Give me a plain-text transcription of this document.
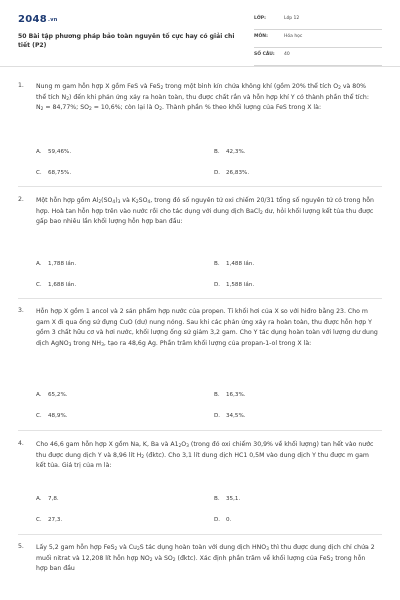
2048.vn
50 Bài tập phương pháp bảo toàn nguyên tố cực hay có giải chi tiết (P2)
LỚP:	Lớp 12
MÔN:	Hóa học
SỐ CÂU: 40
1. Nung m gam hỗn hợp X gồm FeS và FeS$_2$ trong một bình kín chứa không khí (gồm 20% thể tích $O_2$ và 80% thể tích $N_2$) đến khi phản ứng xảy ra hoàn toàn, thu được chất rắn và hỗn hợp khí Y có thành phần thể tích: $N_2 = 84,77\%$; $SO_2 = 10,6\%$; còn lại là $O_2$. Thành phần % theo khối lượng của FeS trong X là:

A. 59,46%.	B. 42,3%.
C. 68,75%.	D. 26,83%.
2. Một hỗn hợp gồm $Al_2(SO_4)_3$ và $K_2SO_4$, trong đó số nguyên tử oxi chiếm 20/31 tổng số nguyên tử có trong hỗn hợp. Hoà tan hỗn hợp trên vào nước rồi cho tác dụng với dung dịch BaCl$_2$ dư, hỏi khối lượng kết tủa thu được gấp bao nhiêu lần khối lượng hỗn hợp ban đầu:

A. 1,788 lần.	B. 1,488 lần.
C. 1,688 lần.	D. 1,588 lần.
3. Hỗn hợp X gồm 1 ancol và 2 sản phẩm hợp nước của propen. Tỉ khối hơi của X so với hiđro bằng 23. Cho m gam X đi qua ống sứ đựng CuO (dư) nung nóng. Sau khi các phản ứng xảy ra hoàn toàn, thu được hỗn hợp Y gồm 3 chất hữu cơ và hơi nước, khối lượng ống sứ giảm 3,2 gam. Cho Y tác dụng hoàn toàn với lượng dư dung dịch AgNO$_3$ trong $NH_3$, tạo ra 48,6g Ag. Phần trăm khối lượng của propan-1-ol trong X là:

A. 65,2%.	B. 16,3%.
C. 48,9%.	D. 34,5%.
4. Cho 46,6 gam hỗn hợp X gồm Na, K, Ba và $A1_2O_3$ (trong đó oxi chiếm 30,9% về khối lượng) tan hết vào nước thu được dung dịch Y và 8,96 lít $H_2$ (đktc). Cho 3,1 lít dung dịch HC1 0,5M vào dung dịch Y thu được m gam kết tủa. Giá trị của m là:

A. 7,8.	B. 35,1.
C. 27,3.	D. 0.
5. Lấy 5,2 gam hỗn hợp FeS$_2$ và $Cu_2S$ tác dụng hoàn toàn với dung dịch $HNO_3$ thì thu được dung dịch chỉ chứa 2 muối nitrat và 12,208 lít hỗn hợp $NO_2$ và $SO_2$ (đktc). Xác định phần trăm về khối lượng của FeS$_2$ trong hỗn hợp ban đầu
